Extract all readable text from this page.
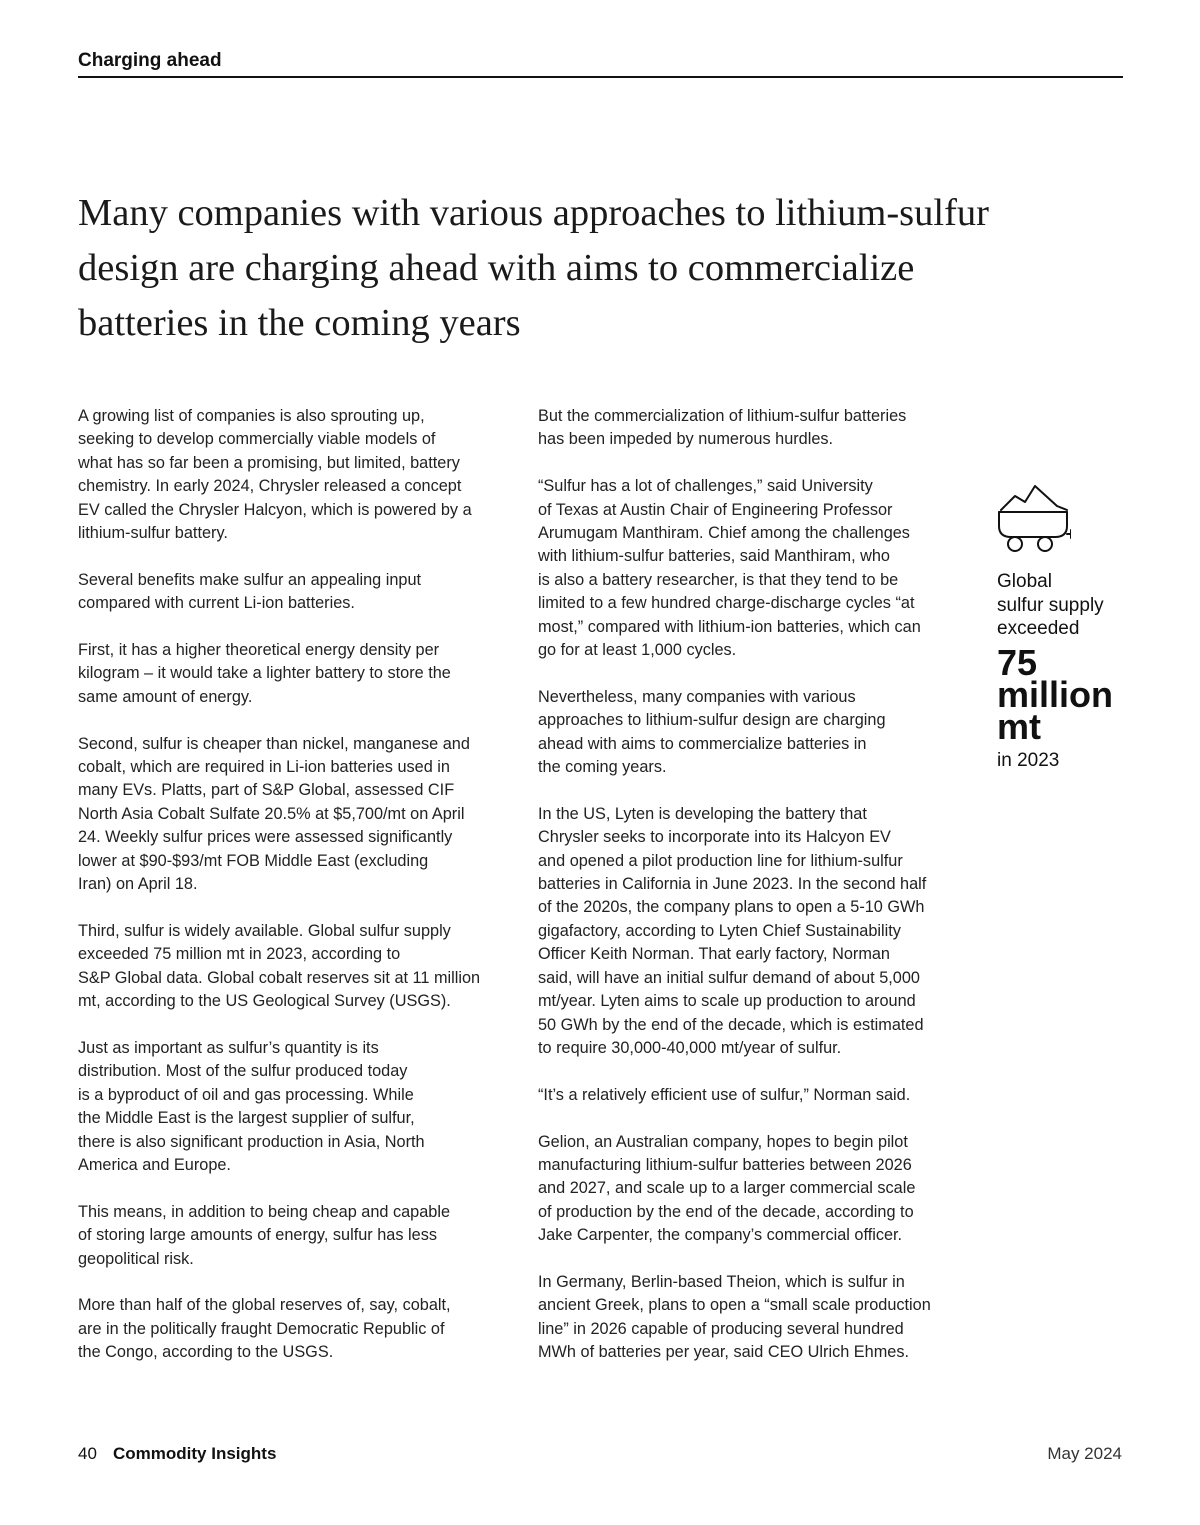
Charging ahead
Many companies with various approaches to lithium-sulfur design are charging ahead with aims to commercialize batteries in the coming years

A growing list of companies is also sprouting up,
seeking to develop commercially viable models of
what has so far been a promising, but limited, battery
chemistry. In early 2024, Chrysler released a concept
EV called the Chrysler Halcyon, which is powered by a
lithium-sulfur battery.

Several benefits make sulfur an appealing input
compared with current Li-ion batteries.

First, it has a higher theoretical energy density per
kilogram – it would take a lighter battery to store the
same amount of energy.

Second, sulfur is cheaper than nickel, manganese and
cobalt, which are required in Li-ion batteries used in
many EVs. Platts, part of S&P Global, assessed CIF
North Asia Cobalt Sulfate 20.5% at $5,700/mt on April
24. Weekly sulfur prices were assessed significantly
lower at $90-$93/mt FOB Middle East (excluding
Iran) on April 18.

Third, sulfur is widely available. Global sulfur supply
exceeded 75 million mt in 2023, according to
S&P Global data. Global cobalt reserves sit at 11 million
mt, according to the US Geological Survey (USGS).

Just as important as sulfur’s quantity is its
distribution. Most of the sulfur produced today
is a byproduct of oil and gas processing. While
the Middle East is the largest supplier of sulfur,
there is also significant production in Asia, North
America and Europe.

This means, in addition to being cheap and capable
of storing large amounts of energy, sulfur has less
geopolitical risk.

More than half of the global reserves of, say, cobalt,
are in the politically fraught Democratic Republic of
the Congo, according to the USGS.

But the commercialization of lithium-sulfur batteries
has been impeded by numerous hurdles.

“Sulfur has a lot of challenges,” said University
of Texas at Austin Chair of Engineering Professor
Arumugam Manthiram. Chief among the challenges
with lithium-sulfur batteries, said Manthiram, who
is also a battery researcher, is that they tend to be
limited to a few hundred charge-discharge cycles “at
most,” compared with lithium-ion batteries, which can
go for at least 1,000 cycles.

Nevertheless, many companies with various
approaches to lithium-sulfur design are charging
ahead with aims to commercialize batteries in
the coming years.

In the US, Lyten is developing the battery that
Chrysler seeks to incorporate into its Halcyon EV
and opened a pilot production line for lithium-sulfur
batteries in California in June 2023. In the second half
of the 2020s, the company plans to open a 5-10 GWh
gigafactory, according to Lyten Chief Sustainability
Officer Keith Norman. That early factory, Norman
said, will have an initial sulfur demand of about 5,000
mt/year. Lyten aims to scale up production to around
50 GWh by the end of the decade, which is estimated
to require 30,000-40,000 mt/year of sulfur.

“It’s a relatively efficient use of sulfur,” Norman said.

Gelion, an Australian company, hopes to begin pilot
manufacturing lithium-sulfur batteries between 2026
and 2027, and scale up to a larger commercial scale
of production by the end of the decade, according to
Jake Carpenter, the company’s commercial officer.

In Germany, Berlin-based Theion, which is sulfur in
ancient Greek, plans to open a “small scale production
line” in 2026 capable of producing several hundred
MWh of batteries per year, said CEO Ulrich Ehmes.

Global
sulfur supply
exceeded

75
million
mt

in 2023

40 Commodity Insights	May 2024
